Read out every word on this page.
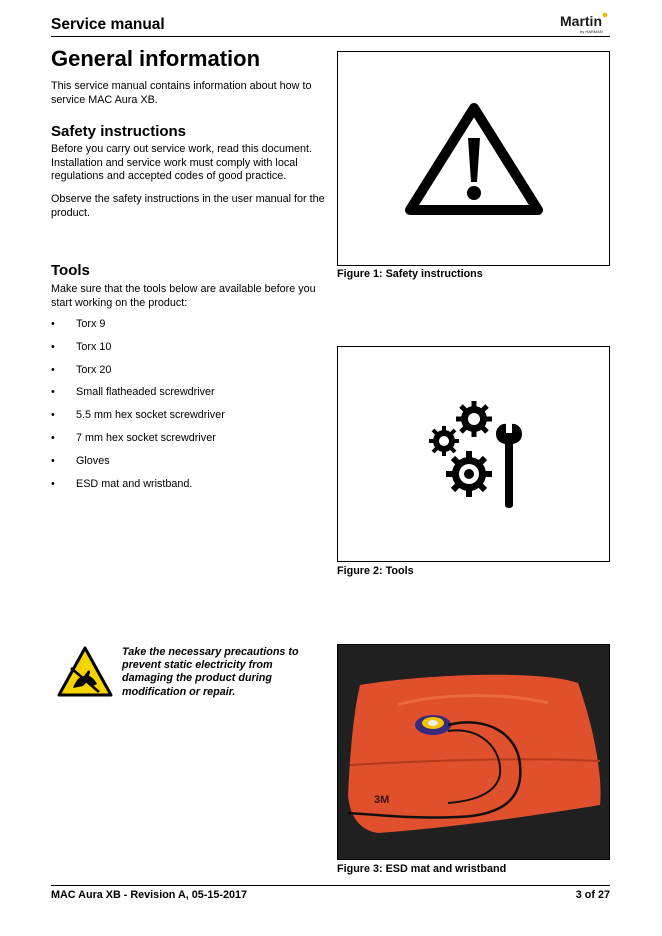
Service manual	Martin
by HARMAN
General information

This service manual contains information about how to service MAC Aura XB.

Safety instructions

Before you carry out service work, read this document. Installation and service work must comply with local regulations and accepted codes of good practice.

Observe the safety instructions in the user manual for the product.

Tools

Make sure that the tools below are available before you start working on the product:

• Torx 9
• Torx 10
• Torx 20
• Small flatheaded screwdriver
• 5.5 mm hex socket screwdriver
• 7 mm hex socket screwdriver
• Gloves
• ESD mat and wristband.
Take the necessary precautions to prevent static electricity from damaging the product during modification or repair.
Figure 1: Safety instructions
Figure 2: Tools
3M
Figure 3: ESD mat and wristband
MAC Aura XB - Revision A, 05-15-2017	3 of 27
